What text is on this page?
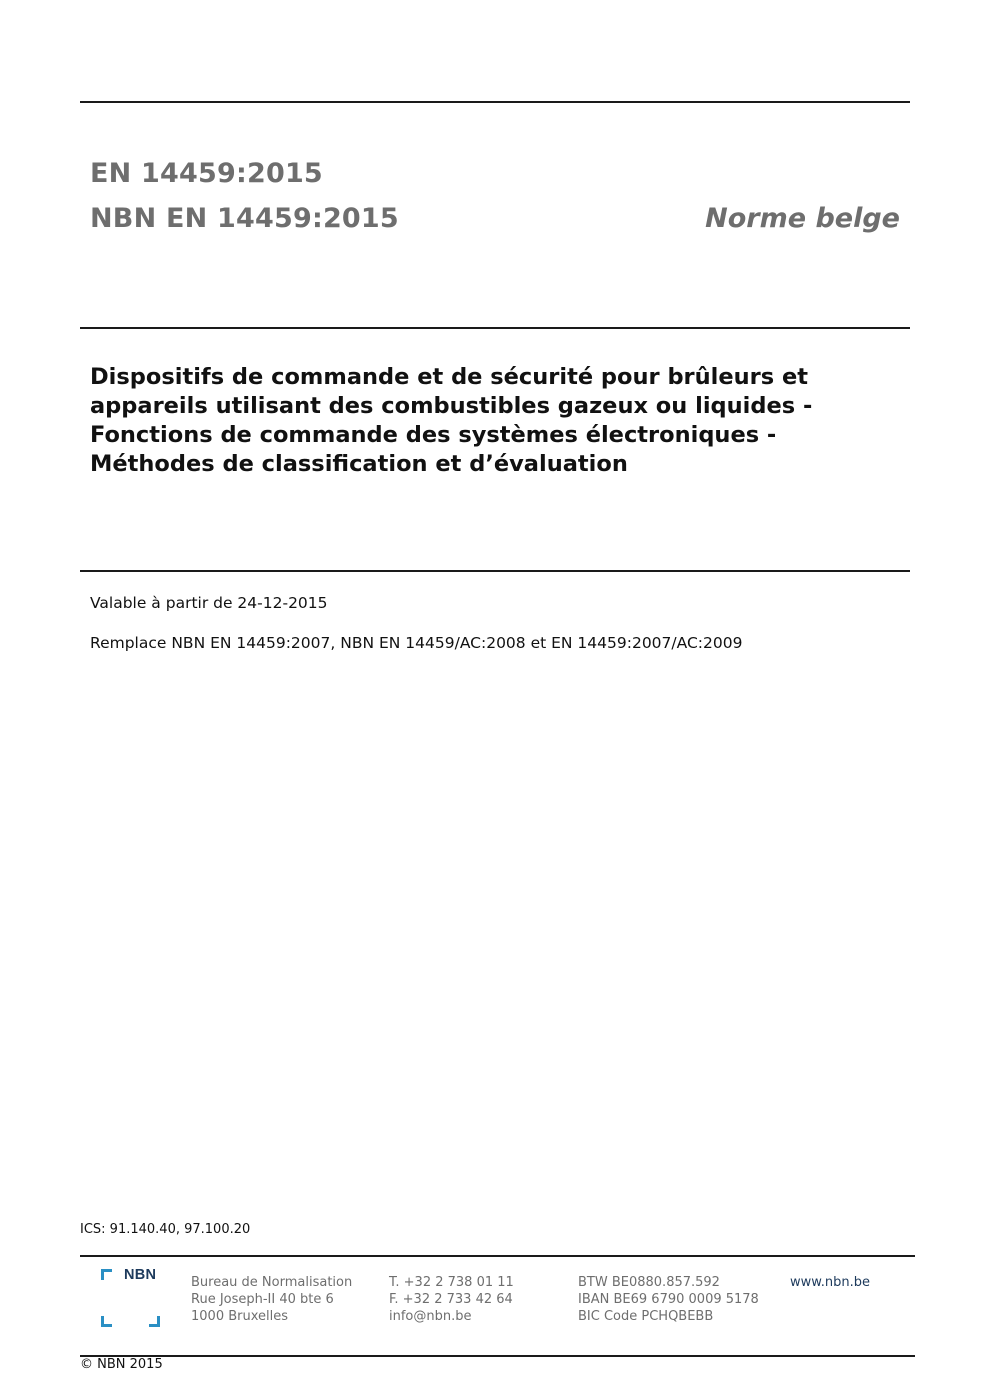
EN 14459:2015
NBN EN 14459:2015	Norme belge
Dispositifs de commande et de sécurité pour brûleurs et
appareils utilisant des combustibles gazeux ou liquides -
Fonctions de commande des systèmes électroniques -
Méthodes de classification et d’évaluation
Valable à partir de 24-12-2015
Remplace NBN EN 14459:2007, NBN EN 14459/AC:2008 et EN 14459:2007/AC:2009
ICS: 91.140.40, 97.100.20
NBN	Bureau de Normalisation
Rue Joseph-II 40 bte 6
1000 Bruxelles
T. +32 2 738 01 11
F. +32 2 733 42 64
info@nbn.be
BTW BE0880.857.592
IBAN BE69 6790 0009 5178
BIC Code PCHQBEBB
www.nbn.be
© NBN 2015
